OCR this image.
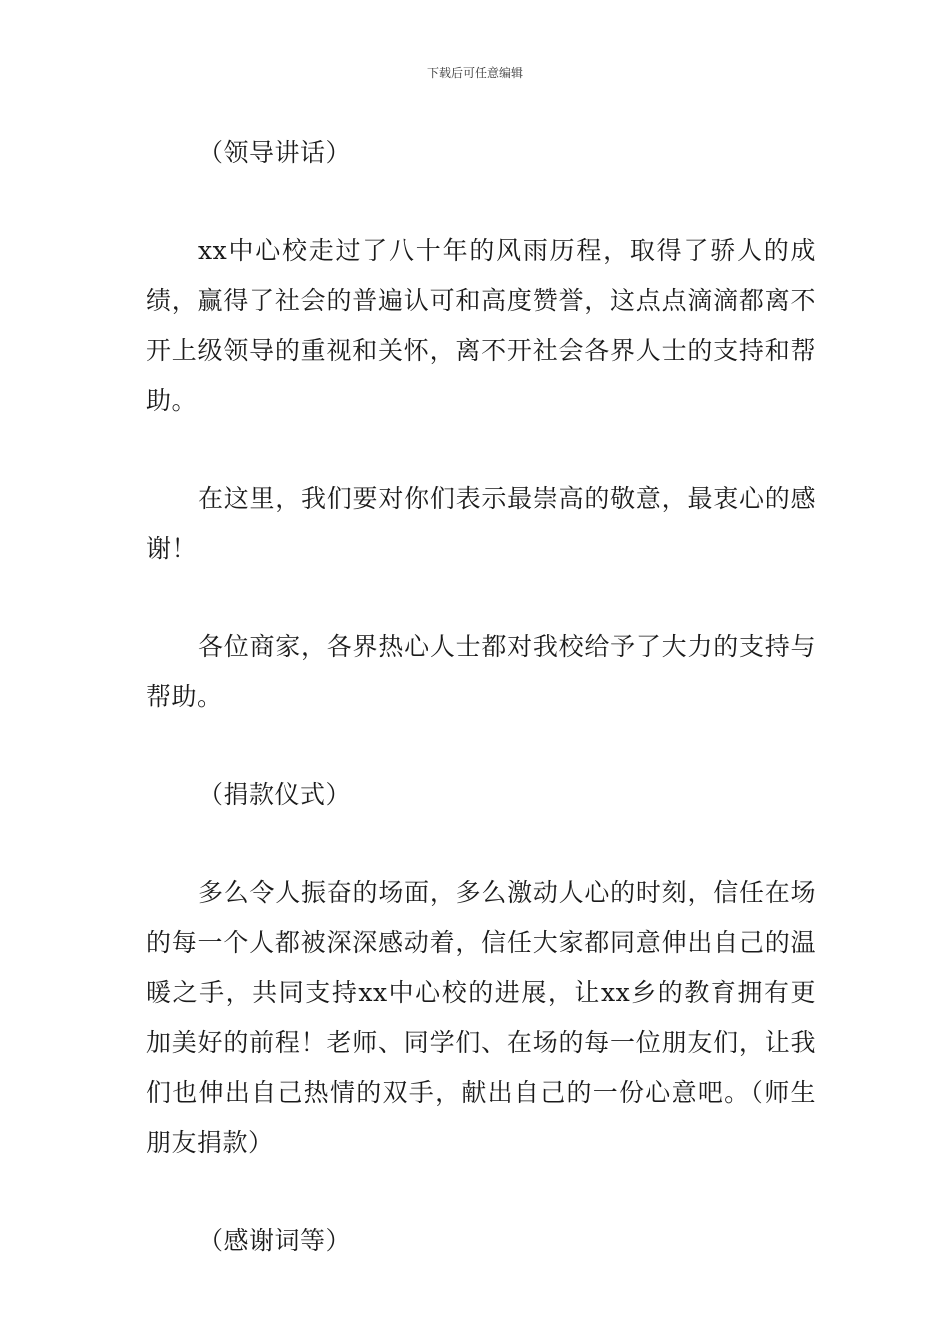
下载后可任意编辑

（领导讲话）

xx中心校走过了八十年的风雨历程，取得了骄人的成绩，赢得了社会的普遍认可和高度赞誉，这点点滴滴都离不开上级领导的重视和关怀，离不开社会各界人士的支持和帮助。

在这里，我们要对你们表示最崇高的敬意，最衷心的感谢！

各位商家，各界热心人士都对我校给予了大力的支持与帮助。

（捐款仪式）

多么令人振奋的场面，多么激动人心的时刻，信任在场的每一个人都被深深感动着，信任大家都同意伸出自己的温暖之手，共同支持xx中心校的进展，让xx乡的教育拥有更加美好的前程！老师、同学们、在场的每一位朋友们，让我们也伸出自己热情的双手，献出自己的一份心意吧。（师生朋友捐款）

（感谢词等）
